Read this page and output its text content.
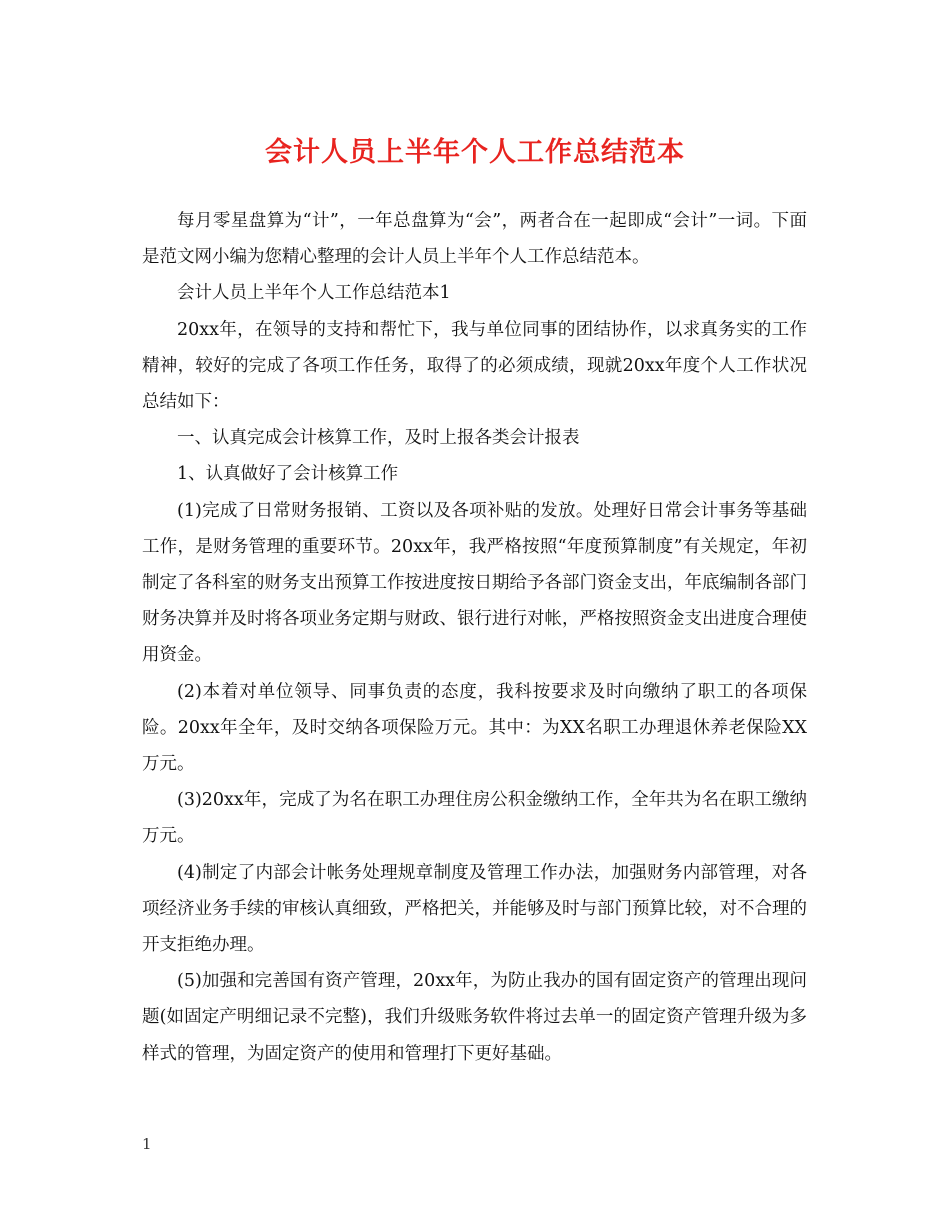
会计人员上半年个人工作总结范本

每月零星盘算为“计”，一年总盘算为“会”，两者合在一起即成“会计”一词。下面是范文网小编为您精心整理的会计人员上半年个人工作总结范本。

会计人员上半年个人工作总结范本1

20xx年，在领导的支持和帮忙下，我与单位同事的团结协作，以求真务实的工作精神，较好的完成了各项工作任务，取得了的必须成绩，现就20xx年度个人工作状况总结如下：

一、认真完成会计核算工作，及时上报各类会计报表

1、认真做好了会计核算工作

(1)完成了日常财务报销、工资以及各项补贴的发放。处理好日常会计事务等基础工作，是财务管理的重要环节。20xx年，我严格按照“年度预算制度”有关规定，年初制定了各科室的财务支出预算工作按进度按日期给予各部门资金支出，年底编制各部门财务决算并及时将各项业务定期与财政、银行进行对帐，严格按照资金支出进度合理使用资金。

(2)本着对单位领导、同事负责的态度，我科按要求及时向缴纳了职工的各项保险。20xx年全年，及时交纳各项保险万元。其中：为XX名职工办理退休养老保险XX万元。

(3)20xx年，完成了为名在职工办理住房公积金缴纳工作，全年共为名在职工缴纳万元。

(4)制定了内部会计帐务处理规章制度及管理工作办法，加强财务内部管理，对各项经济业务手续的审核认真细致，严格把关，并能够及时与部门预算比较，对不合理的开支拒绝办理。

(5)加强和完善国有资产管理，20xx年，为防止我办的国有固定资产的管理出现问题(如固定产明细记录不完整)，我们升级账务软件将过去单一的固定资产管理升级为多样式的管理，为固定资产的使用和管理打下更好基础。

1
